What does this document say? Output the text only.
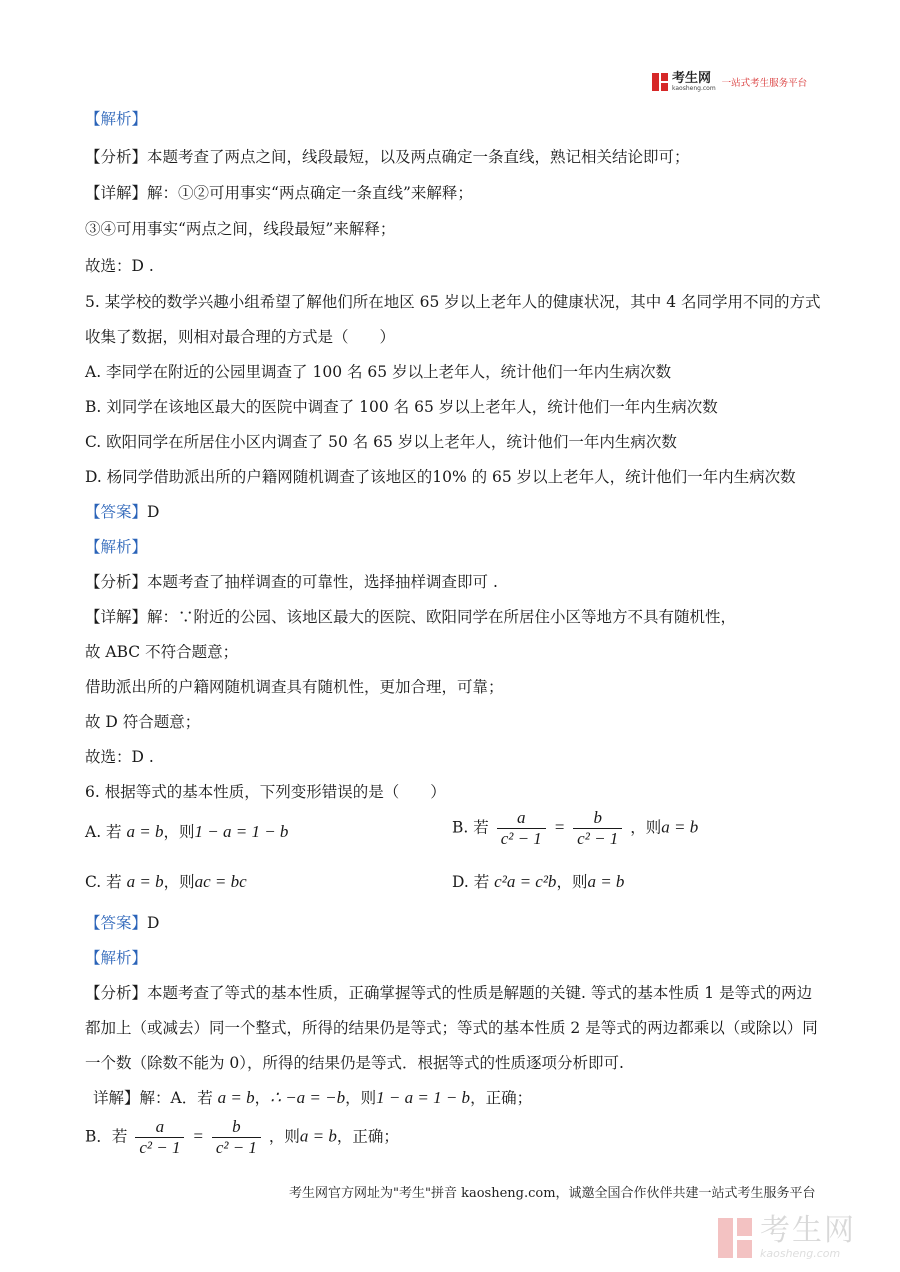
考生网
kaosheng.com 一站式考生服务平台
【解析】
【分析】本题考查了两点之间，线段最短，以及两点确定一条直线，熟记相关结论即可；
【详解】解：①②可用事实“两点确定一条直线”来解释；
③④可用事实“两点之间，线段最短”来解释；
故选：D .
5. 某学校的数学兴趣小组希望了解他们所在地区 65 岁以上老年人的健康状况，其中 4 名同学用不同的方式
收集了数据，则相对最合理的方式是（　　）
A. 李同学在附近的公园里调查了 100 名 65 岁以上老年人，统计他们一年内生病次数
B. 刘同学在该地区最大的医院中调查了 100 名 65 岁以上老年人，统计他们一年内生病次数
C. 欧阳同学在所居住小区内调查了 50 名 65 岁以上老年人，统计他们一年内生病次数
D. 杨同学借助派出所的户籍网随机调查了该地区的10% 的 65 岁以上老年人，统计他们一年内生病次数
【答案】D
【解析】
【分析】本题考查了抽样调查的可靠性，选择抽样调查即可 .
【详解】解：∵附近的公园、该地区最大的医院、欧阳同学在所居住小区等地方不具有随机性，
故 ABC 不符合题意；
借助派出所的户籍网随机调查具有随机性，更加合理，可靠；
故 D 符合题意；
故选：D .
6. 根据等式的基本性质，下列变形错误的是（　　）
A. 若 a = b，则1 − a = 1 − b	B. 若 $\frac{a}{\text{c² − 1}} = \frac{b}{\text{c² − 1}}$ ，则a = b
C. 若 a = b，则ac = bc	D. 若 c²a = c²b，则a = b
【答案】D
【解析】
【分析】本题考查了等式的基本性质，正确掌握等式的性质是解题的关键. 等式的基本性质 1 是等式的两边
都加上（或减去）同一个整式，所得的结果仍是等式；等式的基本性质 2 是等式的两边都乘以（或除以）同
一个数（除数不能为 0），所得的结果仍是等式．根据等式的性质逐项分析即可.
详解】解：A．若 a = b，∴ −a = −b，则1 − a = 1 − b，正确；
B．若 $\frac{a}{\text{c² − 1}} = \frac{b}{\text{c² − 1}}$ ，则a = b，正确；
考生网官方网址为"考生"拼音 kaosheng.com，诚邀全国合作伙伴共建一站式考生服务平台
考生网
kaosheng.com
